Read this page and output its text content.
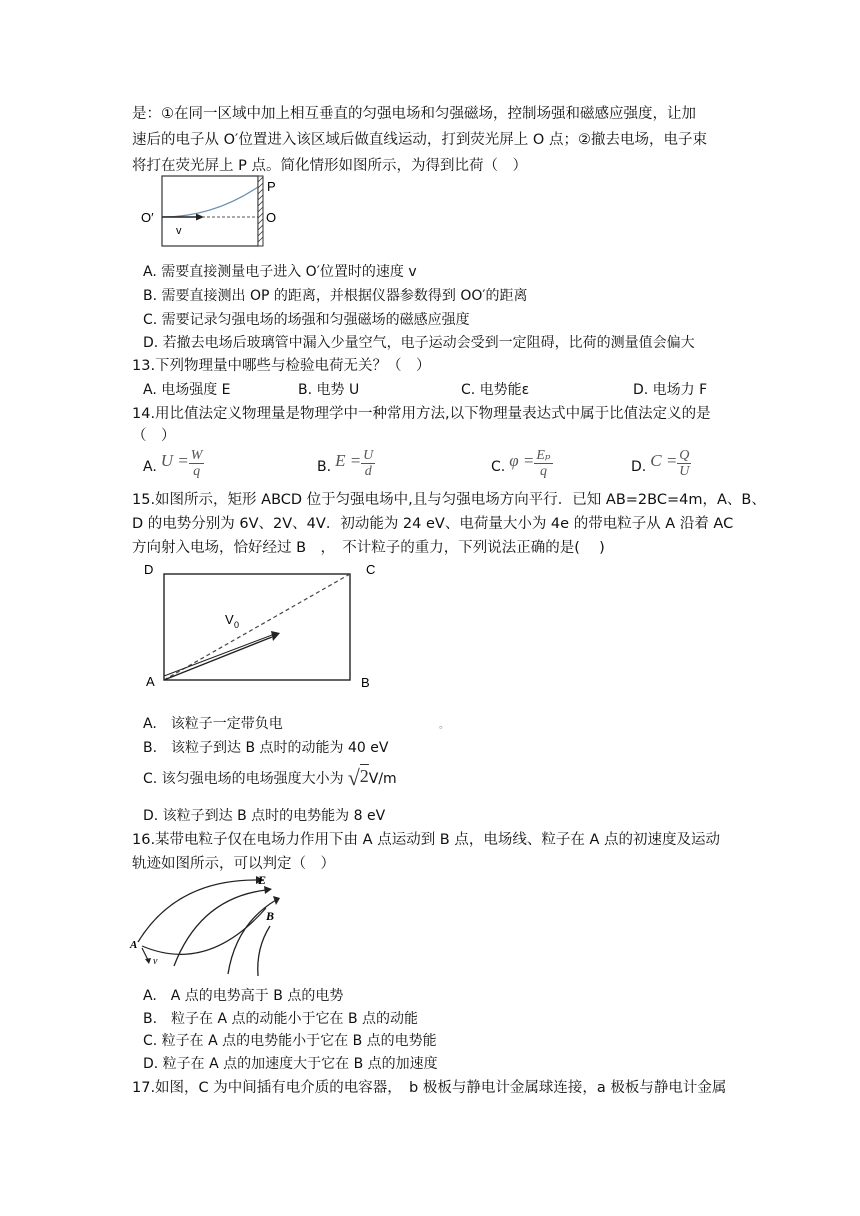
是：①在同一区域中加上相互垂直的匀强电场和匀强磁场，控制场强和磁感应强度，让加
速后的电子从 O′位置进入该区域后做直线运动，打到荧光屏上 O 点；②撤去电场，电子束
将打在荧光屏上 P 点。简化情形如图所示，为得到比荷（　）
P
O
O′
v
A. 需要直接测量电子进入 O′位置时的速度 v
B. 需要直接测出 OP 的距离，并根据仪器参数得到 OO′的距离
C. 需要记录匀强电场的场强和匀强磁场的磁感应强度
D. 若撤去电场后玻璃管中漏入少量空气，电子运动会受到一定阻碍，比荷的测量值会偏大
13.下列物理量中哪些与检验电荷无关？（　）
A. 电场强度 E	B. 电势 U	C. 电势能ε	D. 电场力 F
14.用比值法定义物理量是物理学中一种常用方法,以下物理量表达式中属于比值法定义的是
（　）
A. $U = \frac{W}{q}$	B. $E = \frac{U}{d}$	C. $\varphi = \frac{\text{Eₚ}}{q}$	D. $C = \frac{Q}{U}$
15.如图所示，矩形 ABCD 位于匀强电场中,且与匀强电场方向平行．已知 AB=2BC=4m，A、B、
D 的电势分别为 6V、2V、4V．初动能为 24 eV、电荷量大小为 4e 的带电粒子从 A 沿着 AC
方向射入电场，恰好经过 B　，　不计粒子的重力，下列说法正确的是(　 )
D	C
A	B
V 0
A.　该粒子一定带负电	。
B.　该粒子到达 B 点时的动能为 40 eV
C. 该匀强电场的电场强度大小为 √ 2 V/m
D. 该粒子到达 B 点时的电势能为 8 eV
16.某带电粒子仅在电场力作用下由 A 点运动到 B 点，电场线、粒子在 A 点的初速度及运动
轨迹如图所示，可以判定（　）
E
B
A
v
A.　A 点的电势高于 B 点的电势
B.　粒子在 A 点的动能小于它在 B 点的动能
C. 粒子在 A 点的电势能小于它在 B 点的电势能
D. 粒子在 A 点的加速度大于它在 B 点的加速度
17.如图，C 为中间插有电介质的电容器，　b 极板与静电计金属球连接，a 极板与静电计金属
